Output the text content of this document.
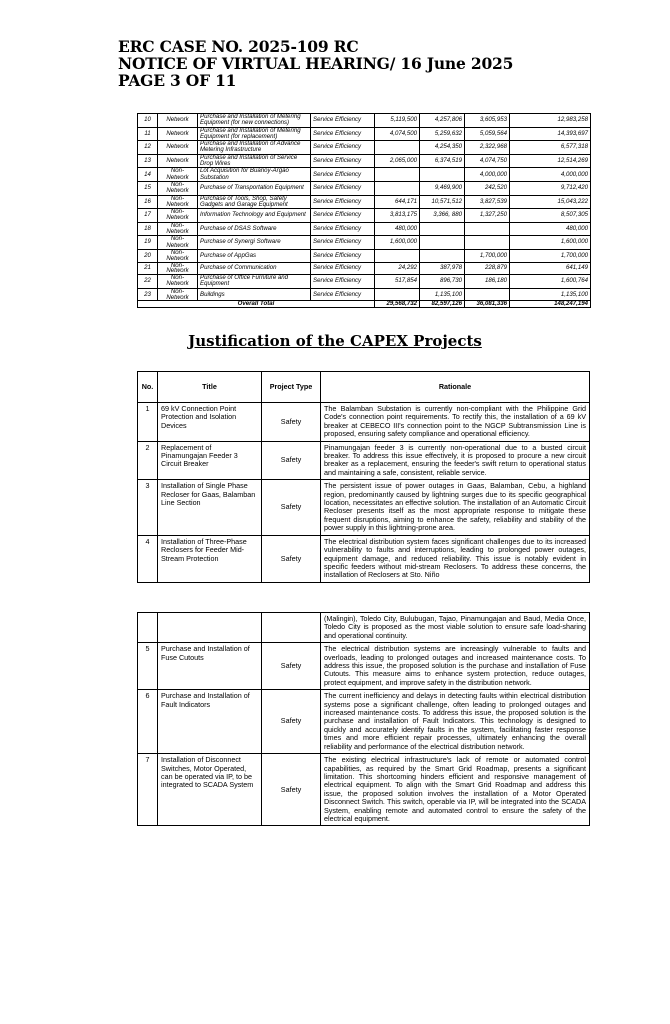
ERC CASE NO. 2025-109 RC
NOTICE OF VIRTUAL HEARING/ 16 June 2025
PAGE 3 OF 11
10	Network	Purchase and Installation of Metering Equipment (for new connections)	Service Efficiency	5,119,500	4,257,806	3,605,953	12,983,258
11	Network	Purchase and Installation of Metering Equipment (for replacement)	Service Efficiency	4,074,500	5,259,632	5,059,564	14,393,697
12	Network	Purchase and Installation of Advance Metering Infrastructure	Service Efficiency		4,254,350	2,322,968	6,577,318
13	Network	Purchase and Installation of Service Drop Wires	Service Efficiency	2,065,000	6,374,519	4,074,750	12,514,269
14	Non-Network	Lot Acquisition for Buanoy-Argao Substation	Service Efficiency			4,000,000	4,000,000
15	Non-Network	Purchase of Transportation Equipment	Service Efficiency		9,469,900	242,520	9,712,420
16	Non-Network	Purchase of Tools, Shop, Safety Gadgets and Garage Equipment	Service Efficiency	644,171	10,571,512	3,827,539	15,043,222
17	Non-Network	Information Technology and Equipment	Service Efficiency	3,813,175	3,366, 880	1,327,250	8,507,305
18	Non-Network	Purchase of DSAS Software	Service Efficiency	480,000			480,000
19	Non-Network	Purchase of Synergi Software	Service Efficiency	1,600,000			1,600,000
20	Non-Network	Purchase of AppGas	Service Efficiency			1,700,000	1,700,000
21	Non-Network	Purchase of Communication	Service Efficiency	24,292	387,978	228,879	641,149
22	Non-Network	Purchase of Office Furniture and Equipment	Service Efficiency	517,854	896,730	186,180	1,600,764
23	Non-Network	Buildings	Service Efficiency		1,135,100		1,135,100
Overall Total				29,568,732	82,597,126	36,081,336	148,247,194
Justification of the CAPEX Projects
No.	Title	Project Type	Rationale
1	69 kV Connection Point Protection and Isolation Devices	Safety	The Balamban Substation is currently non-compliant with the Philippine Grid Code's connection point requirements. To rectify this, the installation of a 69 kV breaker at CEBECO III's connection point to the NGCP Subtransmission Line is proposed, ensuring safety compliance and operational efficiency.
2	Replacement of Pinamungajan Feeder 3 Circuit Breaker	Safety	Pinamungajan feeder 3 is currently non-operational due to a busted circuit breaker. To address this issue effectively, it is proposed to procure a new circuit breaker as a replacement, ensuring the feeder's swift return to operational status and maintaining a safe, consistent, reliable service.
3	Installation of Single Phase Recloser for Gaas, Balamban Line Section	Safety	The persistent issue of power outages in Gaas, Balamban, Cebu, a highland region, predominantly caused by lightning surges due to its specific geographical location, necessitates an effective solution. The installation of an Automatic Circuit Recloser presents itself as the most appropriate response to mitigate these frequent disruptions, aiming to enhance the safety, reliability and stability of the power supply in this lightning-prone area.
4	Installation of Three-Phase Reclosers for Feeder Mid-Stream Protection	Safety	The electrical distribution system faces significant challenges due to its increased vulnerability to faults and interruptions, leading to prolonged power outages, equipment damage, and reduced reliability. This issue is notably evident in specific feeders without mid-stream Reclosers. To address these concerns, the installation of Reclosers at Sto. Niño
			(Malingin), Toledo City, Bulubugan, Tajao, Pinamungajan and Baud, Media Once, Toledo City is proposed as the most viable solution to ensure safe load-sharing and operational continuity.
5	Purchase and Installation of Fuse Cutouts	Safety	The electrical distribution systems are increasingly vulnerable to faults and overloads, leading to prolonged outages and increased maintenance costs. To address this issue, the proposed solution is the purchase and installation of Fuse Cutouts. This measure aims to enhance system protection, reduce outages, protect equipment, and improve safety in the distribution network.
6	Purchase and Installation of Fault Indicators	Safety	The current inefficiency and delays in detecting faults within electrical distribution systems pose a significant challenge, often leading to prolonged outages and increased maintenance costs. To address this issue, the proposed solution is the purchase and installation of Fault Indicators. This technology is designed to quickly and accurately identify faults in the system, facilitating faster response times and more efficient repair processes, ultimately enhancing the overall reliability and performance of the electrical distribution network.
7	Installation of Disconnect Switches, Motor Operated, can be operated via IP, to be integrated to SCADA System	Safety	The existing electrical infrastructure's lack of remote or automated control capabilities, as required by the Smart Grid Roadmap, presents a significant limitation. This shortcoming hinders efficient and responsive management of electrical equipment. To align with the Smart Grid Roadmap and address this issue, the proposed solution involves the installation of a Motor Operated Disconnect Switch. This switch, operable via IP, will be integrated into the SCADA System, enabling remote and automated control to ensure the safety of the electrical equipment.
